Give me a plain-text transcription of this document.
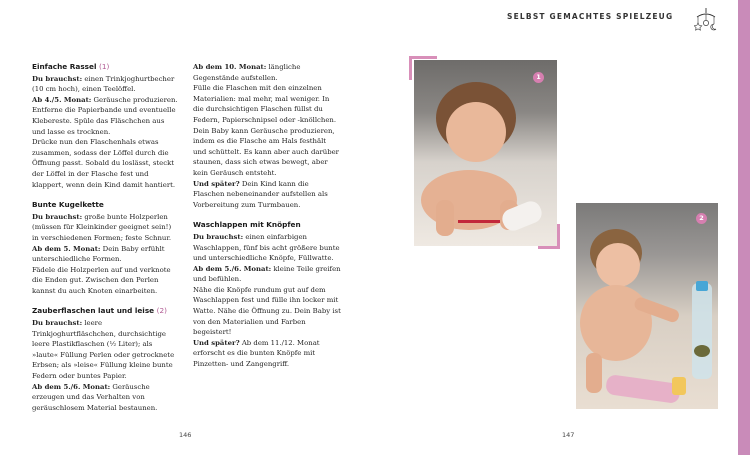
SELBST GEMACHTES SPIELZEUG
Einfache Rassel (1)

Du brauchst: einen Trinkjoghurtbecher (10 cm hoch), einen Teelöffel.

Ab 4./5. Monat: Geräusche produzieren. Entferne die Papierbande und eventuelle Klebereste. Spüle das Fläschchen aus und lasse es trocknen.

Drücke nun den Flaschenhals etwas zusammen, sodass der Löffel durch die Öffnung passt. Sobald du loslässt, steckt der Löffel in der Flasche fest und klappert, wenn dein Kind damit hantiert.

Bunte Kugelkette

Du brauchst: große bunte Holzperlen (müssen für Kleinkinder geeignet sein!) in verschiedenen Formen; feste Schnur.

Ab dem 5. Monat: Dein Baby erfühlt unterschiedliche Formen.

Fädele die Holzperlen auf und verknote die Enden gut. Zwischen den Perlen kannst du auch Knoten einarbeiten.

Zauberflaschen laut und leise (2)

Du brauchst: leere Trinkjoghurtfläschchen, durchsichtige leere Plastikflaschen (½ Liter); als »laute« Füllung Perlen oder getrocknete Erbsen; als »leise« Füllung kleine bunte Federn oder buntes Papier.

Ab dem 5./6. Monat: Geräusche erzeugen und das Verhalten von geräuschlosem Material bestaunen.

Ab dem 10. Monat: längliche Gegenstände aufstellen.

Fülle die Flaschen mit den einzelnen Materialien: mal mehr, mal weniger. In die durchsichtigen Flaschen füllst du Federn, Papierschnipsel oder -knöllchen. Dein Baby kann Geräusche produzieren, indem es die Flasche am Hals festhält und schüttelt. Es kann aber auch darüber staunen, dass sich etwas bewegt, aber kein Geräusch entsteht.

Und später? Dein Kind kann die Flaschen nebeneinander aufstellen als Vorbereitung zum Turmbauen.

Waschlappen mit Knöpfen

Du brauchst: einen einfarbigen Waschlappen, fünf bis acht größere bunte und unterschiedliche Knöpfe, Füllwatte.

Ab dem 5./6. Monat: kleine Teile greifen und befühlen.

Nähe die Knöpfe rundum gut auf dem Waschlappen fest und fülle ihn locker mit Watte. Nähe die Öffnung zu. Dein Baby ist von den Materialien und Farben begeistert!

Und später? Ab dem 11./12. Monat erforscht es die bunten Knöpfe mit Pinzetten- und Zangengriff.

1
2
146	147
